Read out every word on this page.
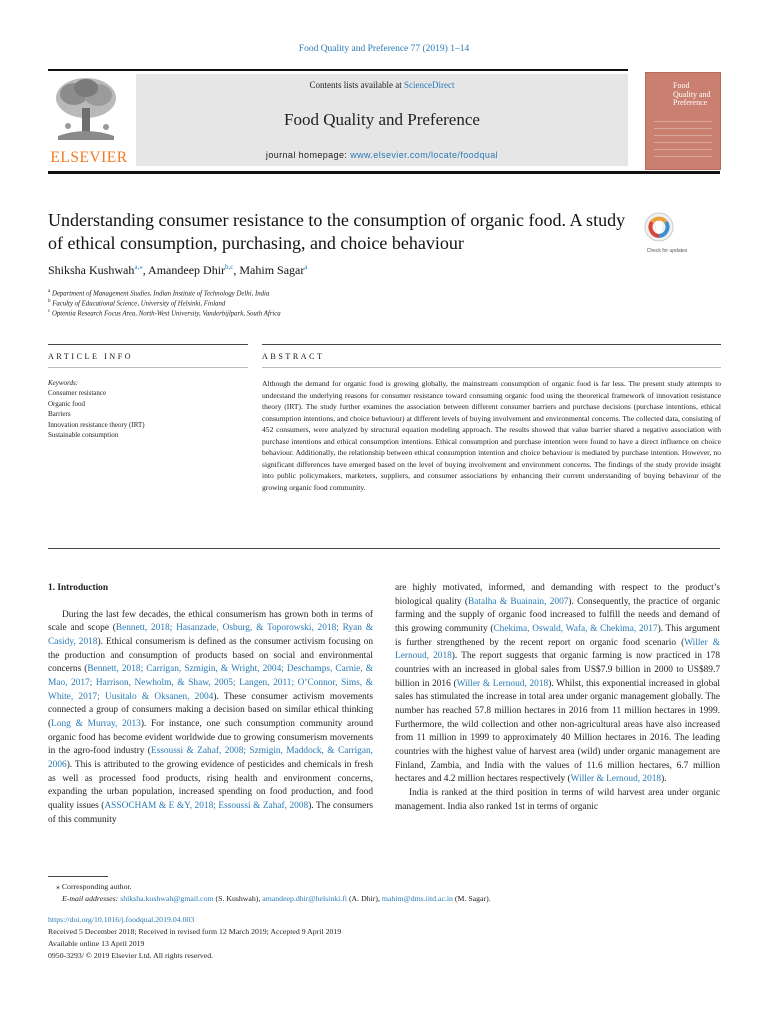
Food Quality and Preference 77 (2019) 1–14
ELSEVIER
Contents lists available at ScienceDirect
Food Quality and Preference
journal homepage: www.elsevier.com/locate/foodqual
Food Quality and Preference
Understanding consumer resistance to the consumption of organic food. A study of ethical consumption, purchasing, and choice behaviour	Check for updates
Shiksha Kushwah$^{a,⁎}$, Amandeep Dhir$^{b,c}$, Mahim Sagar$^a$
$^a$ Department of Management Studies, Indian Institute of Technology Delhi, India
$^b$ Faculty of Educational Science, University of Helsinki, Finland
$^c$ Optentia Research Focus Area, North-West University, Vanderbijlpark, South Africa
ARTICLE INFO	ABSTRACT
Keywords:
Consumer resistance
Organic food
Barriers
Innovation resistance theory (IRT)
Sustainable consumption
Although the demand for organic food is growing globally, the mainstream consumption of organic food is far less. The present study attempts to understand the underlying reasons for consumer resistance toward consuming organic food using the theoretical framework of innovation resistance theory (IRT). The study further examines the association between different consumer barriers and purchase decisions (purchase intentions, ethical consumption intentions, and choice behaviour) at different levels of buying involvement and environmental concerns. The collected data, consisting of 452 consumers, were analyzed by structural equation modeling approach. The results showed that value barrier shared a negative association with purchase intentions and ethical consumption intentions. Ethical consumption and purchase intention were found to have a direct influence on choice behaviour. Additionally, the relationship between ethical consumption intention and choice behaviour is mediated by purchase intention. However, no significant differences have emerged based on the level of buying involvement and environment concerns. The findings of the study provide insight into public policymakers, marketers, suppliers, and consumer associations by enhancing their current understanding of buying behaviour of the growing organic food community.

1. Introduction

During the last few decades, the ethical consumerism has grown both in terms of scale and scope (Bennett, 2018; Hasanzade, Osburg, & Toporowski, 2018; Ryan & Casidy, 2018). Ethical consumerism is defined as the consumer activism focusing on the production and consumption of products based on social and environmental concerns (Bennett, 2018; Carrigan, Szmigin, & Wright, 2004; Deschamps, Carnie, & Mao, 2017; Harrison, Newholm, & Shaw, 2005; Langen, 2011; O’Connor, Sims, & White, 2017; Uusitalo & Oksanen, 2004). These consumer activism movements connected a group of consumers making a decision based on similar ethical thinking (Long & Murray, 2013). For instance, one such consumption community around organic food has become evident worldwide due to growing consumerism movements in the agro-food industry (Essoussi & Zahaf, 2008; Szmigin, Maddock, & Carrigan, 2006). This is attributed to the growing evidence of pesticides and chemicals in fresh as well as processed food products, rising health and environment concerns, expanding the urban population, increased spending on food production, and food quality issues (ASSOCHAM & E &Y, 2018; Essoussi & Zahaf, 2008). The consumers of this community

are highly motivated, informed, and demanding with respect to the product’s biological quality (Batalha & Buainain, 2007). Consequently, the practice of organic farming and the supply of organic food increased to fulfill the needs and demand of this growing community (Chekima, Oswald, Wafa, & Chekima, 2017). This argument is further strengthened by the recent report on organic food scenario (Willer & Lernoud, 2018). The report suggests that organic farming is now practiced in 178 countries with an increased in global sales from US$7.9 billion in 2000 to US$89.7 billion in 2016 (Willer & Lernoud, 2018). Whilst, this exponential increased in global sales has stimulated the increase in total area under organic management globally. The number has reached 57.8 million hectares in 2016 from 11 million hectares in 1999. Furthermore, the wild collection and other non-agricultural areas have also increased from 11 million in 1999 to approximately 40 Million hectares in 2016. The leading countries with the highest value of harvest area (wild) under organic management are Finland, Zambia, and India with the values of 11.6 million hectares, 6.7 million hectares and 4.2 million hectares respectively (Willer & Lernoud, 2018).

India is ranked at the third position in terms of wild harvest area under organic management. India also ranked 1st in terms of organic

⁎ Corresponding author.
E-mail addresses: shiksha.kushwah@gmail.com (S. Kushwah), amandeep.dhir@helsinki.fi (A. Dhir), mahim@dms.iitd.ac.in (M. Sagar).
https://doi.org/10.1016/j.foodqual.2019.04.003
Received 5 December 2018; Received in revised form 12 March 2019; Accepted 9 April 2019
Available online 13 April 2019
0950-3293/ © 2019 Elsevier Ltd. All rights reserved.
